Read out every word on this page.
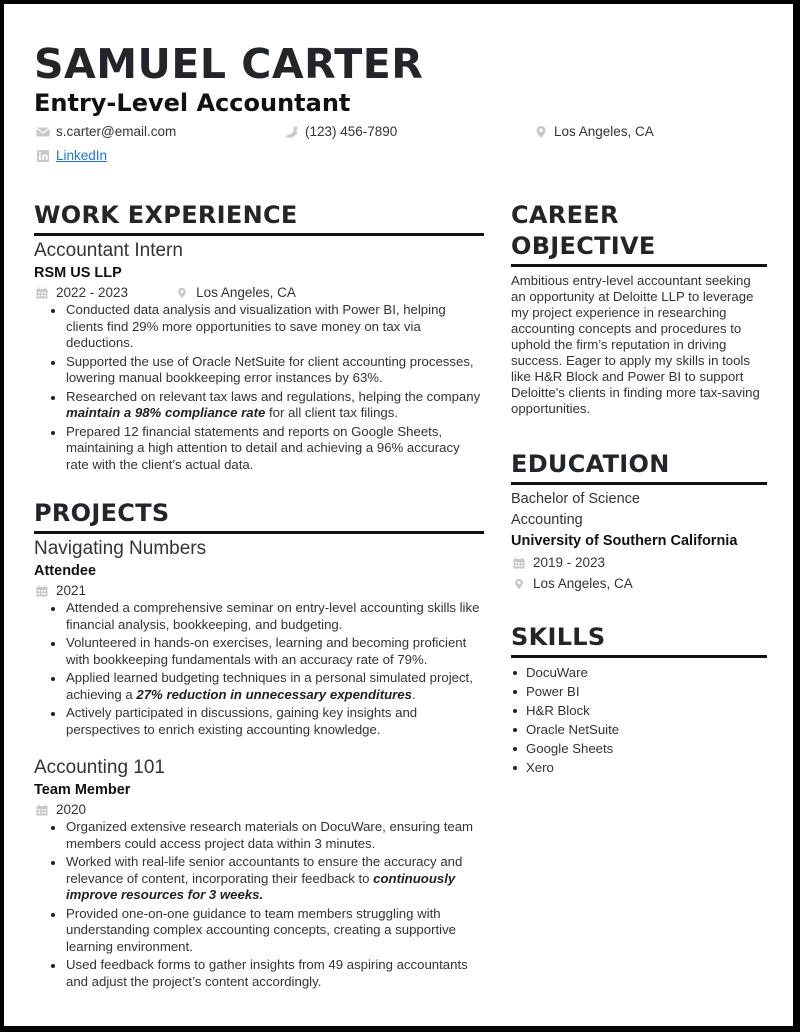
SAMUEL CARTER
Entry-Level Accountant
s.carter@email.com	(123) 456-7890	Los Angeles, CA
LinkedIn
WORK EXPERIENCE
Accountant Intern
RSM US LLP
2022 - 2023	Los Angeles, CA
Conducted data analysis and visualization with Power BI, helping clients find 29% more opportunities to save money on tax via deductions.
Supported the use of Oracle NetSuite for client accounting processes, lowering manual bookkeeping error instances by 63%.
Researched on relevant tax laws and regulations, helping the company maintain a 98% compliance rate for all client tax filings.
Prepared 12 financial statements and reports on Google Sheets, maintaining a high attention to detail and achieving a 96% accuracy rate with the client’s actual data.
PROJECTS
Navigating Numbers
Attendee
2021
Attended a comprehensive seminar on entry-level accounting skills like financial analysis, bookkeeping, and budgeting.
Volunteered in hands-on exercises, learning and becoming proficient with bookkeeping fundamentals with an accuracy rate of 79%.
Applied learned budgeting techniques in a personal simulated project, achieving a 27% reduction in unnecessary expenditures.
Actively participated in discussions, gaining key insights and perspectives to enrich existing accounting knowledge.
Accounting 101
Team Member
2020
Organized extensive research materials on DocuWare, ensuring team members could access project data within 3 minutes.
Worked with real-life senior accountants to ensure the accuracy and relevance of content, incorporating their feedback to continuously improve resources for 3 weeks.
Provided one-on-one guidance to team members struggling with understanding complex accounting concepts, creating a supportive learning environment.
Used feedback forms to gather insights from 49 aspiring accountants and adjust the project’s content accordingly.
CAREER
OBJECTIVE

Ambitious entry-level accountant seeking an opportunity at Deloitte LLP to leverage my project experience in researching accounting concepts and procedures to uphold the firm’s reputation in driving success. Eager to apply my skills in tools like H&R Block and Power BI to support Deloitte's clients in finding more tax-saving opportunities.

EDUCATION
Bachelor of Science
Accounting
University of Southern California
2019 - 2023
Los Angeles, CA
SKILLS
DocuWare
Power BI
H&R Block
Oracle NetSuite
Google Sheets
Xero
